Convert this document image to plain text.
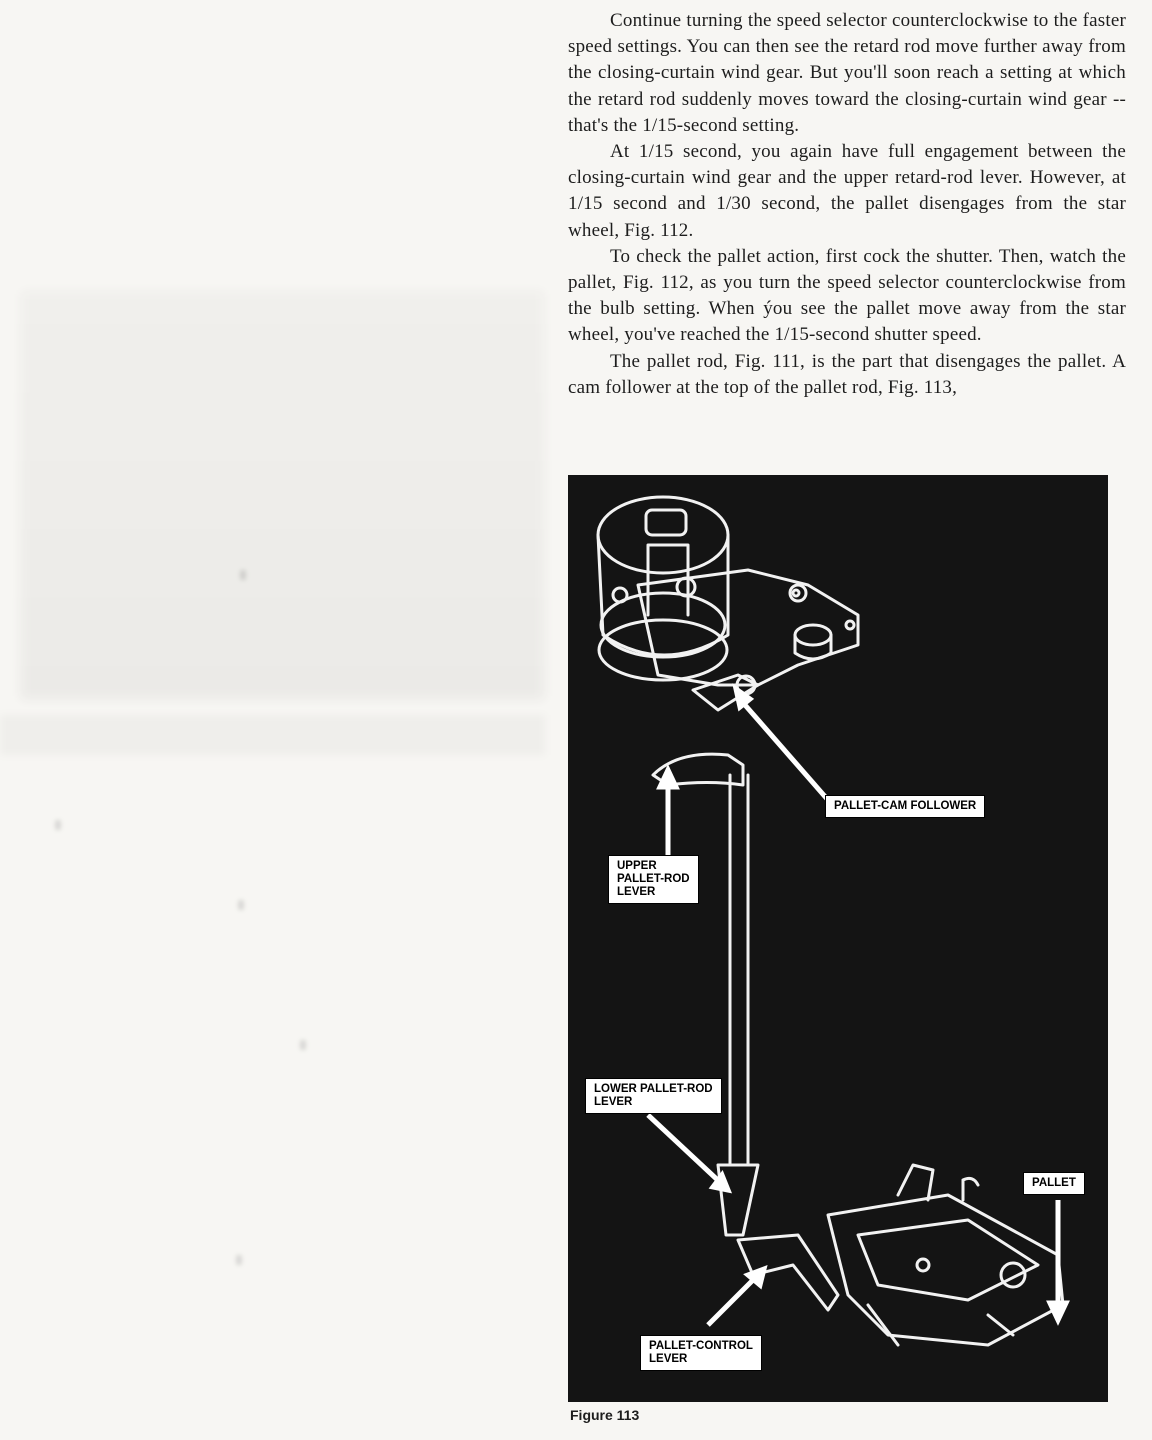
Continue turning the speed selector counterclockwise to the faster speed settings. You can then see the retard rod move further away from the closing-curtain wind gear. But you'll soon reach a setting at which the retard rod suddenly moves toward the closing-curtain wind gear -- that's the 1/15-second setting.

At 1/15 second, you again have full engagement between the closing-curtain wind gear and the upper retard-rod lever. However, at 1/15 second and 1/30 second, the pallet disengages from the star wheel, Fig. 112.

To check the pallet action, first cock the shutter. Then, watch the pallet, Fig. 112, as you turn the speed selector counterclockwise from the bulb setting. When ýou see the pallet move away from the star wheel, you've reached the 1/15-second shutter speed.

The pallet rod, Fig. 111, is the part that disengages the pallet. A cam follower at the top of the pallet rod, Fig. 113,

PALLET-CAM FOLLOWER
UPPER
PALLET-ROD
LEVER
LOWER PALLET-ROD
LEVER
PALLET
PALLET-CONTROL
LEVER
Figure 113
